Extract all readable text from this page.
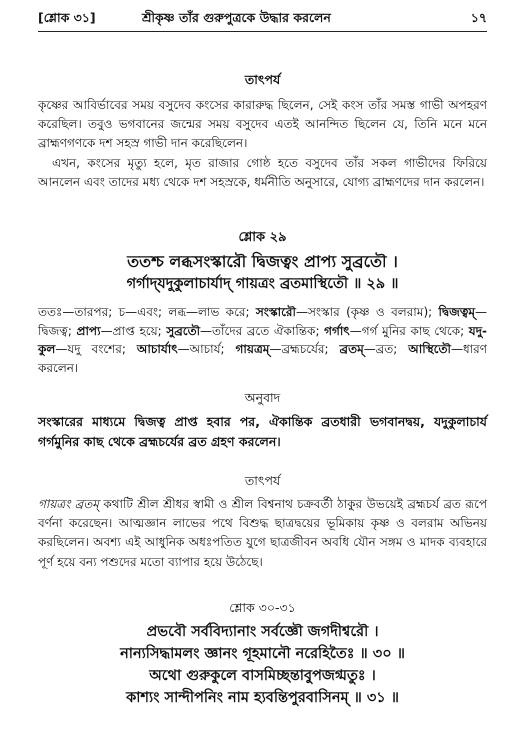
[শ্লোক ৩১]	শ্রীকৃষ্ণ তাঁর গুরুপুত্রকে উদ্ধার করলেন	১৭
তাৎপর্য

কৃষ্ণের আবির্ভাবের সময় বসুদেব কংসের কারারুদ্ধ ছিলেন, সেই কংস তাঁর সমস্ত গাভী অপহরণ করেছিল। তবুও ভগবানের জন্মের সময় বসুদেব এতই আনন্দিত ছিলেন যে, তিনি মনে মনে ব্রাহ্মণগণকে দশ সহস্র গাভী দান করেছিলেন।

এখন, কংসের মৃত্যু হলে, মৃত রাজার গোষ্ঠ হতে বসুদেব তাঁর সকল গাভীদের ফিরিয়ে আনলেন এবং তাদের মধ্য থেকে দশ সহস্রকে, ধর্মনীতি অনুসারে, যোগ্য ব্রাহ্মণদের দান করলেন।

শ্লোক ২৯
ততশ্চ লব্ধসংস্কারৌ দ্বিজত্বং প্রাপ্য সুব্রতৌ ।
গর্গাদ্‌যদুকুলাচার্যাদ্‌ গায়ত্রং ব্রতমাস্থিতৌ ॥ ২৯ ॥

ততঃ—তারপর; চ—এবং; লব্ধ—লাভ করে; সংস্কারৌ—সংস্কার (কৃষ্ণ ও বলরাম); দ্বিজত্বম্—দ্বিজত্ব; প্রাপ্য—প্রাপ্ত হয়ে; সুব্রতৌ—তাঁদের ব্রতে ঐকান্তিক; গর্গাৎ—গর্গ মুনির কাছ থেকে; যদু-কুল—যদু বংশের; আচার্যাৎ—আচার্য; গায়ত্রম্—ব্রহ্মচর্যের; ব্রতম্—ব্রত; আস্থিতৌ—ধারণ করলেন।

অনুবাদ

সংস্কারের মাধ্যমে দ্বিজত্ব প্রাপ্ত হবার পর, ঐকান্তিক ব্রতধারী ভগবানদ্বয়, যদুকুলাচার্য গর্গমুনির কাছ থেকে ব্রহ্মচর্যের ব্রত গ্রহণ করলেন।

তাৎপর্য

গায়ত্রং ব্রতম্ কথাটি শ্রীল শ্রীধর স্বামী ও শ্রীল বিশ্বনাথ চক্রবর্তী ঠাকুর উভয়েই ব্রহ্মচর্য ব্রত রূপে বর্ণনা করেছেন। আত্মজ্ঞান লাভের পথে বিশুদ্ধ ছাত্রদ্বয়ের ভূমিকায় কৃষ্ণ ও বলরাম অভিনয় করছিলেন। অবশ্য এই আধুনিক অধঃপতিত যুগে ছাত্রজীবন অবধি যৌন সঙ্গম ও মাদক ব্যবহারে পূর্ণ হয়ে বন্য পশুদের মতো ব্যাপার হয়ে উঠেছে।

শ্লোক ৩০-৩১
প্রভবৌ সর্ববিদ্যানাং সর্বজ্ঞৌ জগদীশ্বরৌ ।
নান্যসিদ্ধামলং জ্ঞানং গূহমানৌ নরেহিতৈঃ ॥ ৩০ ॥
অথো গুরুকুলে বাসমিচ্ছন্তাবুপজগ্মতুঃ ।
কাশ্যং সান্দীপনিং নাম হ্যবন্তিপুরবাসিনম্ ॥ ৩১ ॥
